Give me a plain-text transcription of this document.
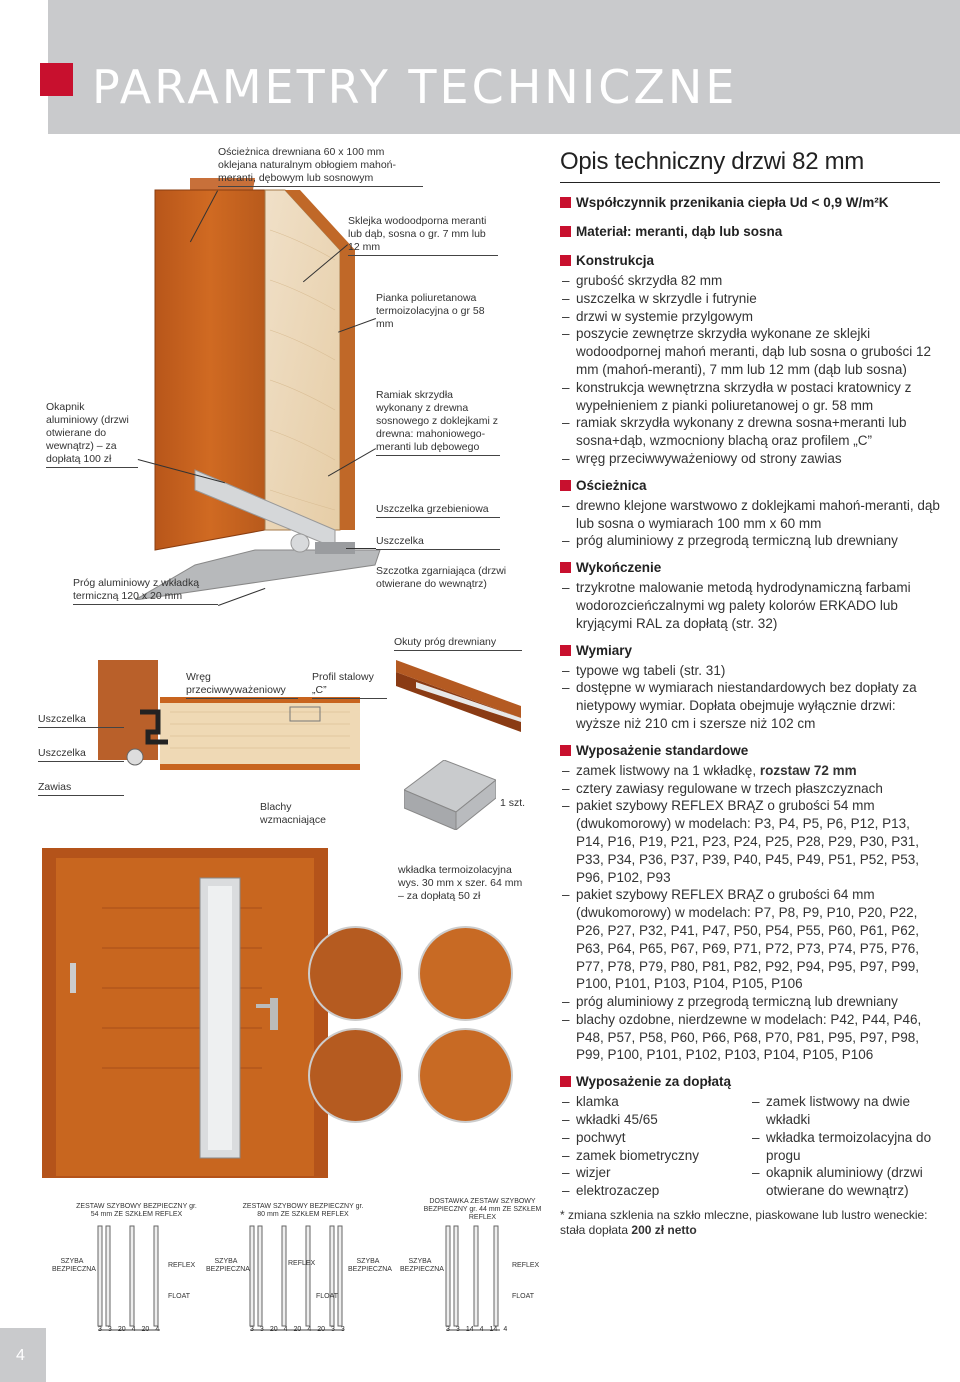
PARAMETRY TECHNICZNE
Ościeżnica drewniana 60 x 100 mm oklejana naturalnym obłogiem mahoń-meranti, dębowym lub sosnowym
Sklejka wodoodporna meranti lub dąb, sosna o gr. 7 mm lub 12 mm
Pianka poliuretanowa termoizolacyjna o gr 58 mm
Ramiak skrzydła wykonany z drewna sosnowego z doklejkami z drewna: mahoniowego-meranti lub dębowego
Uszczelka grzebieniowa
Uszczelka
Szczotka zgarniająca (drzwi otwierane do wewnątrz)
Okapnik aluminiowy (drzwi otwierane do wewnątrz) – za dopłatą 100 zł
Próg aluminiowy z wkładką termiczną 120 x 20 mm
Okuty próg drewniany
Wręg przeciwwyważeniowy
Profil stalowy „C”
Uszczelka
Uszczelka
Zawias
Blachy wzmacniające
1 szt.
wkładka termoizolacyjna wys. 30 mm x szer. 64 mm – za dopłatą 50 zł
ZESTAW SZYBOWY BEZPIECZNY gr. 54 mm ZE SZKŁEM REFLEX
SZYBA BEZPIECZNA
REFLEX
FLOAT
3 3 20 4 20 4
ZESTAW SZYBOWY BEZPIECZNY gr. 80 mm ZE SZKŁEM REFLEX
SZYBA BEZPIECZNA
REFLEX	SZYBA BEZPIECZNA
FLOAT
3 3 20 4 20 4 20 3 3
DOSTAWKA ZESTAW SZYBOWY BEZPIECZNY gr. 44 mm ZE SZKŁEM REFLEX
SZYBA BEZPIECZNA
REFLEX
FLOAT
3 3 14 4 14 4
4
Opis techniczny drzwi 82 mm
Współczynnik przenikania ciepła Ud < 0,9 W/m²K
Materiał: meranti, dąb lub sosna
Konstrukcja
– grubość skrzydła 82 mm
– uszczelka w skrzydle i futrynie
– drzwi w systemie przylgowym
– poszycie zewnętrze skrzydła wykonane ze sklejki wodoodpornej mahoń meranti, dąb lub sosna o grubości 12 mm (mahoń-meranti), 7 mm lub 12 mm (dąb lub sosna)
– konstrukcja wewnętrzna skrzydła w postaci kratownicy z wypełnieniem z pianki poliuretanowej o gr. 58 mm
– ramiak skrzydła wykonany z drewna sosna+meranti lub sosna+dąb, wzmocniony blachą oraz profilem „C”
– wręg przeciwwyważeniowy od strony zawias
Ościeżnica
– drewno klejone warstwowo z doklejkami mahoń-meranti, dąb lub sosna o wymiarach 100 mm x 60 mm
– próg aluminiowy z przegrodą termiczną lub drewniany
Wykończenie
– trzykrotne malowanie metodą hydrodynamiczną farbami wodorozcieńczalnymi wg palety kolorów ERKADO lub kryjącymi RAL za dopłatą (str. 32)
Wymiary
– typowe wg tabeli (str. 31)
– dostępne w wymiarach niestandardowych bez dopłaty za nietypowy wymiar. Dopłata obejmuje wyłącznie drzwi: wyższe niż 210 cm i szersze niż 102 cm
Wyposażenie standardowe
– zamek listwowy na 1 wkładkę, rozstaw 72 mm
– cztery zawiasy regulowane w trzech płaszczyznach
– pakiet szybowy REFLEX BRĄZ o grubości 54 mm (dwukomorowy) w modelach: P3, P4, P5, P6, P12, P13, P14, P16, P19, P21, P23, P24, P25, P28, P29, P30, P31, P33, P34, P36, P37, P39, P40, P45, P49, P51, P52, P53, P96, P102, P93
– pakiet szybowy REFLEX BRĄZ o grubości 64 mm (dwukomorowy) w modelach: P7, P8, P9, P10, P20, P22, P26, P27, P32, P41, P47, P50, P54, P55, P60, P61, P62, P63, P64, P65, P67, P69, P71, P72, P73, P74, P75, P76, P77, P78, P79, P80, P81, P82, P92, P94, P95, P97, P99, P100, P101, P103, P104, P105, P106
– próg aluminiowy z przegrodą termiczną lub drewniany
– blachy ozdobne, nierdzewne w modelach: P42, P44, P46, P48, P57, P58, P60, P66, P68, P70, P81, P95, P97, P98, P99, P100, P101, P102, P103, P104, P105, P106
Wyposażenie za dopłatą
– klamka
– wkładki 45/65
– pochwyt
– zamek biometryczny
– wizjer
– elektrozaczep
– zamek listwowy na dwie wkładki
– wkładka termoizolacyjna do progu
– okapnik aluminiowy (drzwi otwierane do wewnątrz)
* zmiana szklenia na szkło mleczne, piaskowane lub lustro weneckie: stała dopłata 200 zł netto
